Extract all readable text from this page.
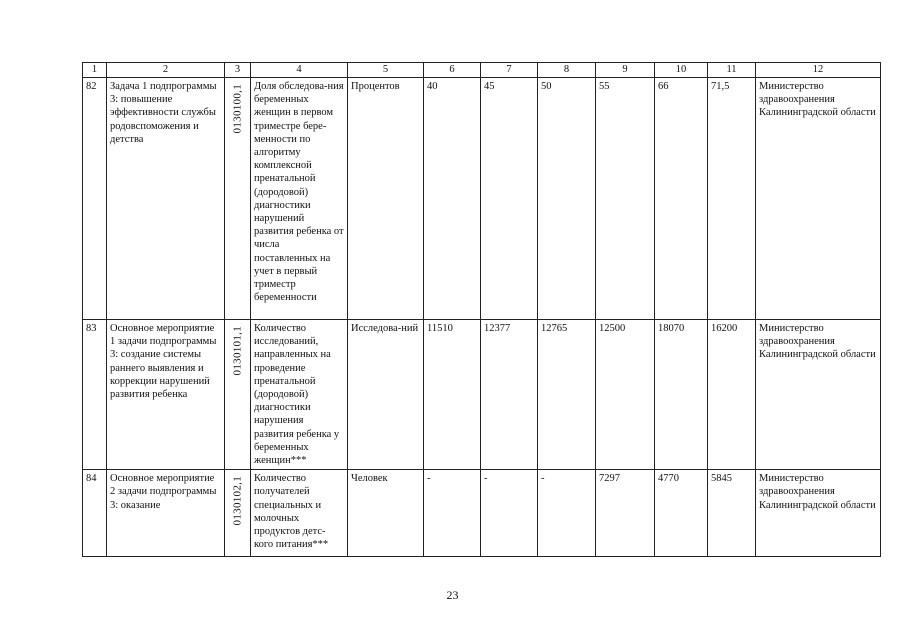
1	2	3	4	5	6	7	8	9	10	11	12
82	Задача 1 подпрограммы 3: повышение эффективности службы родовспоможения и детства	0130100,1	Доля обследова-ния беременных женщин в первом триместре бере-менности по алгоритму комплексной пренатальной (дородовой) диагностики нарушений развития ребенка от числа поставленных на учет в первый триместр беременности	Процентов	40	45	50	55	66	71,5	Министерство здравоохранения Калининградской области
83	Основное мероприятие 1 задачи подпрограммы 3: создание системы раннего выявления и коррекции нарушений развития ребенка	0130101,1	Количество исследований, направленных на проведение пренатальной (дородовой) диагностики нарушения развития ребенка у беременных женщин***	Исследова-ний	11510	12377	12765	12500	18070	16200	Министерство здравоохранения Калининградской области
84	Основное мероприятие 2 задачи подпрограммы 3: оказание	0130102,1	Количество получателей специальных и молочных продуктов детс-кого питания***	Человек	-	-	-	7297	4770	5845	Министерство здравоохранения Калининградской области
23
